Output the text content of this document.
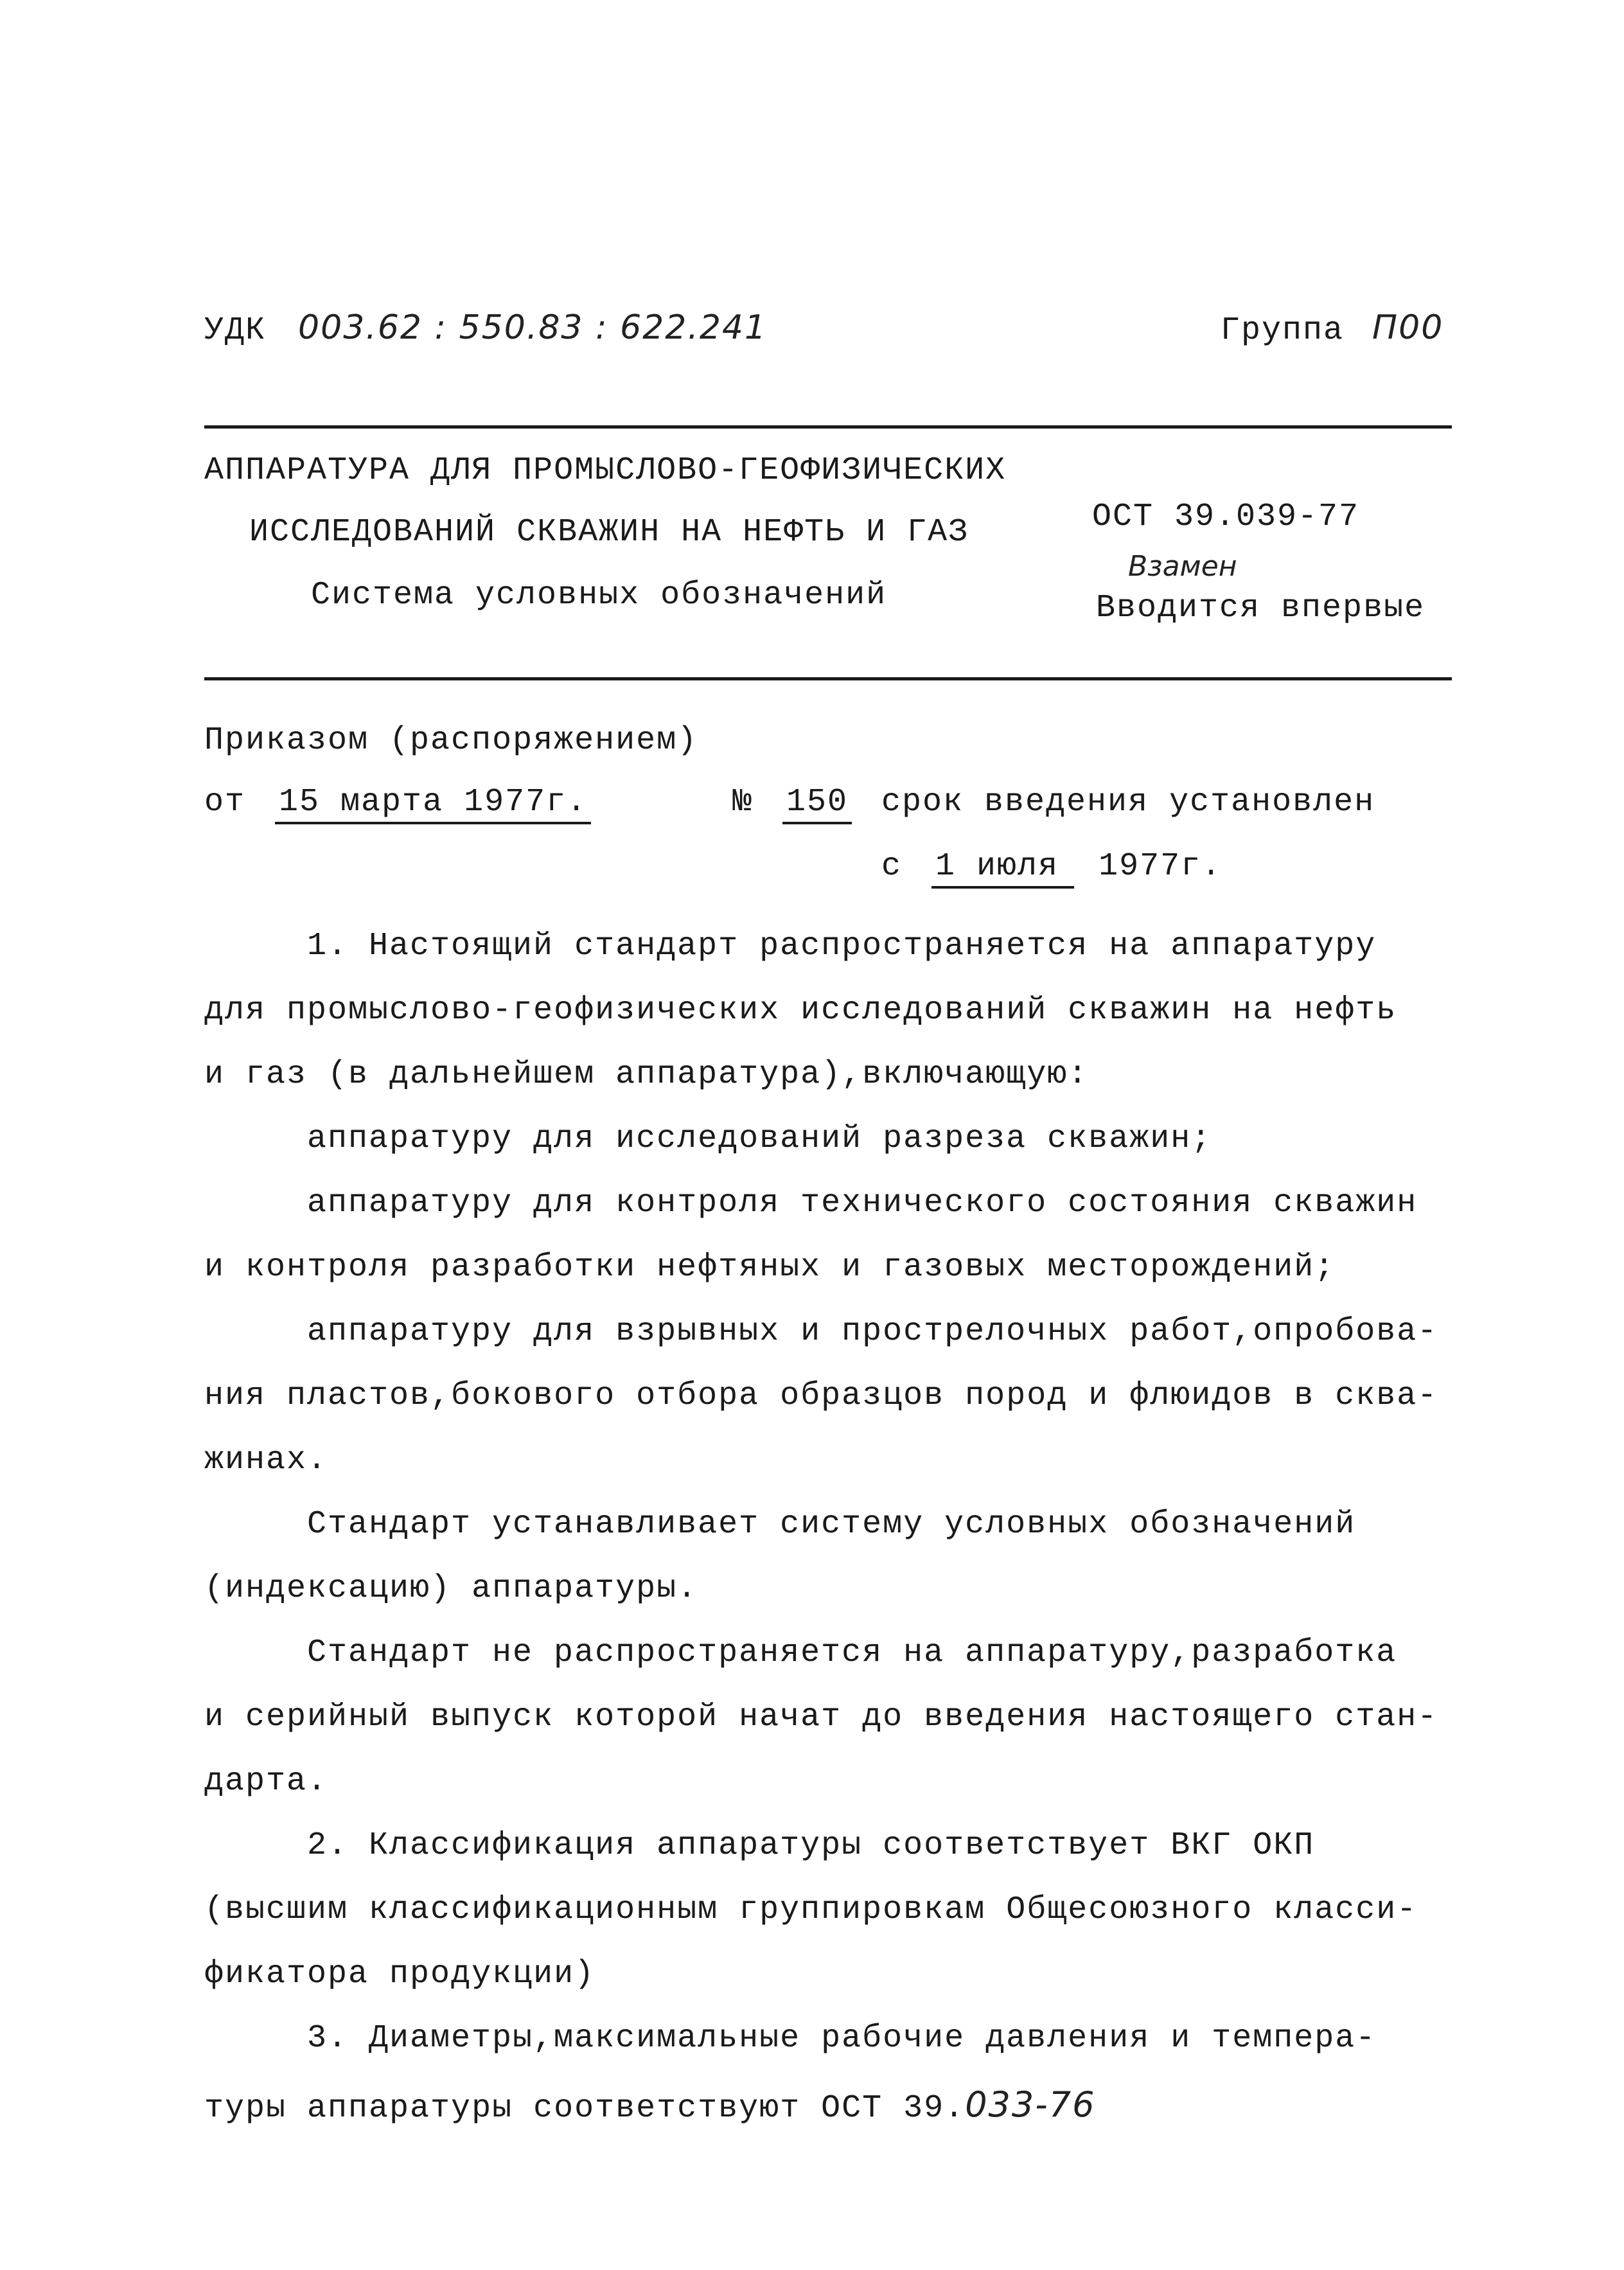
УДК 003.62 : 550.83 : 622.241	Группа П00
АППАРАТУРА ДЛЯ ПРОМЫСЛОВО-ГЕОФИЗИЧЕСКИХ
ИССЛЕДОВАНИЙ СКВАЖИН НА НЕФТЬ И ГАЗ
Система условных обозначений
ОСТ 39.039-77
Взамен
Вводится впервые
Приказом (распоряжением)
от 15 марта 1977г.	№ 150 срок введения установлен
с 1 июля 1977г.
1. Настоящий стандарт распространяется на аппаратуру
для промыслово-геофизических исследований скважин на нефть
и газ (в дальнейшем аппаратура),включающую:
аппаратуру для исследований разреза скважин;
аппаратуру для контроля технического состояния скважин
и контроля разработки нефтяных и газовых месторождений;
аппаратуру для взрывных и прострелочных работ,опробова-
ния пластов,бокового отбора образцов пород и флюидов в сква-
жинах.
Стандарт устанавливает систему условных обозначений
(индексацию) аппаратуры.
Стандарт не распространяется на аппаратуру,разработка
и серийный выпуск которой начат до введения настоящего стан-
дарта.
2. Классификация аппаратуры соответствует ВКГ ОКП
(высшим классификационным группировкам Общесоюзного класси-
фикатора продукции)
3. Диаметры,максимальные рабочие давления и темпера-
туры аппаратуры соответствуют ОСТ 39.033-76
